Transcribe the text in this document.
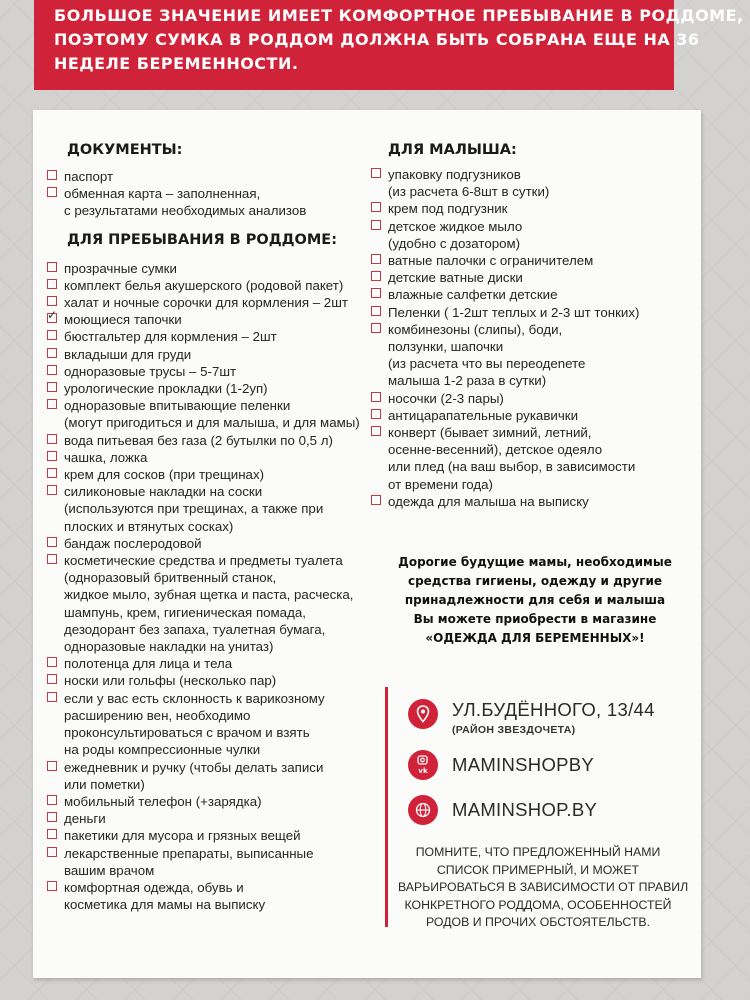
БОЛЬШОЕ ЗНАЧЕНИЕ ИМЕЕТ КОМФОРТНОЕ ПРЕБЫВАНИЕ В РОДДОМЕ,
ПОЭТОМУ СУМКА В РОДДОМ ДОЛЖНА БЫТЬ СОБРАНА ЕЩЕ НА 36
НЕДЕЛЕ БЕРЕМЕННОСТИ.
ДОКУМЕНТЫ:
паспорт
обменная карта – заполненная,
с результатами необходимых анализов
ДЛЯ ПРЕБЫВАНИЯ В РОДДОМЕ:
прозрачные сумки
комплект белья акушерского (родовой пакет)
халат и ночные сорочки для кормления – 2шт
✓
моющиеся тапочки
бюстгальтер для кормления – 2шт
вкладыши для груди
одноразовые трусы – 5-7шт
урологические прокладки (1-2уп)
одноразовые впитывающие пеленки
(могут пригодиться и для малыша, и для мамы)
вода питьевая без газа (2 бутылки по 0,5 л)
чашка, ложка
крем для сосков (при трещинах)
силиконовые накладки на соски
(используются при трещинах, а также при
плоских и втянутых сосках)
бандаж послеродовой
косметические средства и предметы туалета
(одноразовый бритвенный станок,
жидкое мыло, зубная щетка и паста, расческа,
шампунь, крем, гигиеническая помада,
дезодорант без запаха, туалетная бумага,
одноразовые накладки на унитаз)
полотенца для лица и тела
носки или гольфы (несколько пар)
если у вас есть склонность к варикозному
расширению вен, необходимо
проконсультироваться с врачом и взять
на роды компрессионные чулки
ежедневник и ручку (чтобы делать записи
или пометки)
мобильный телефон (+зарядка)
деньги
пакетики для мусора и грязных вещей
лекарственные препараты, выписанные
вашим врачом
комфортная одежда, обувь и
косметика для мамы на выписку
ДЛЯ МАЛЫША:
упаковку подгузников
(из расчета 6-8шт в сутки)
крем под подгузник
детское жидкое мыло
(удобно с дозатором)
ватные палочки с ограничителем
детские ватные диски
влажные салфетки детские
Пеленки ( 1-2шт теплых и 2-3 шт тонких)
комбинезоны (слипы), боди,
ползунки, шапочки
(из расчета что вы переодеnете
малыша 1-2 раза в сутки)
носочки (2-3 пары)
антицарапательные рукавички
конверт (бывает зимний, летний,
осенне-весенний), детское одеяло
или плед (на ваш выбор, в зависимости
от времени года)
одежда для малыша на выписку
Дорогие будущие мамы, необходимые
средства гигиены, одежду и другие
принадлежности для себя и малыша
Вы можете приобрести в магазине
«ОДЕЖДА ДЛЯ БЕРЕМЕННЫХ»!
УЛ.БУДЁННОГО, 13/44
(РАЙОН ЗВЕЗДОЧЕТА)
vk MAMINSHOPBY
MAMINSHOP.BY
ПОМНИТЕ, ЧТО ПРЕДЛОЖЕННЫЙ НАМИ
СПИСОК ПРИМЕРНЫЙ, И МОЖЕТ
ВАРЬИРОВАТЬСЯ В ЗАВИСИМОСТИ ОТ ПРАВИЛ
КОНКРЕТНОГО РОДДОМА, ОСОБЕННОСТЕЙ
РОДОВ И ПРОЧИХ ОБСТОЯТЕЛЬСТВ.
